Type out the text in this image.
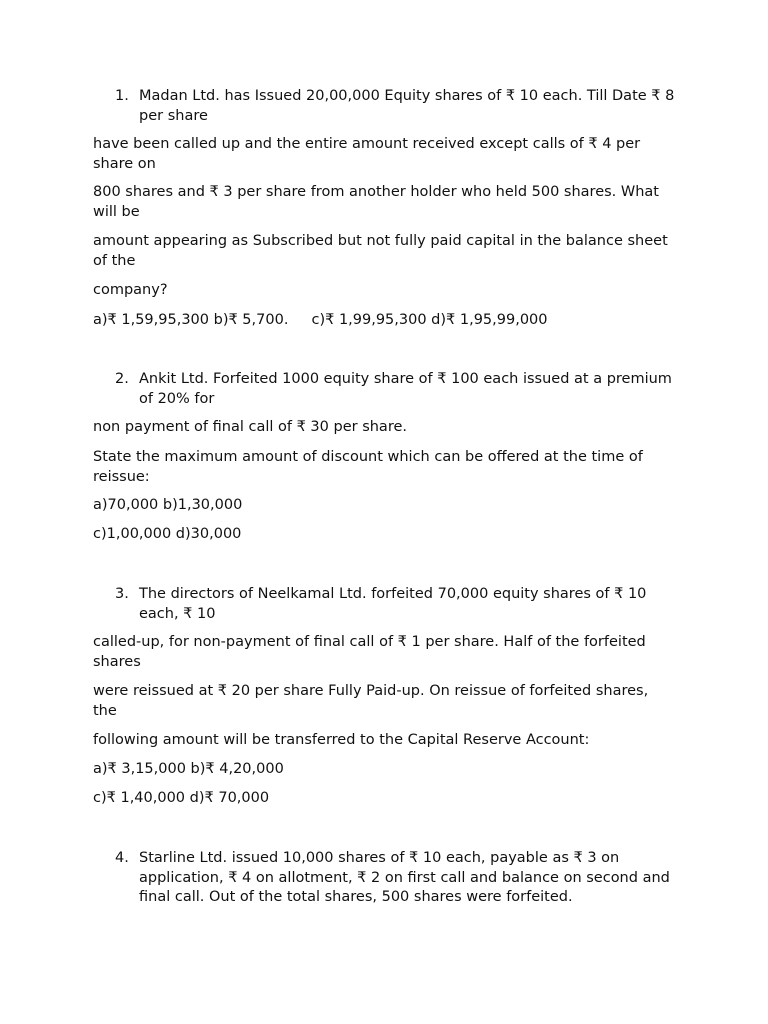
1. Madan Ltd. has Issued 20,00,000 Equity shares of ₹ 10 each. Till Date ₹ 8 per share

have been called up and the entire amount received except calls of ₹ 4 per share on

800 shares and ₹ 3 per share from another holder who held 500 shares. What will be

amount appearing as Subscribed but not fully paid capital in the balance sheet of the

company?

a)₹ 1,59,95,300 b)₹ 5,700.     c)₹ 1,99,95,300 d)₹ 1,95,99,000

2. Ankit Ltd. Forfeited 1000 equity share of ₹ 100 each issued at a premium of 20% for

non payment of final call of ₹ 30 per share.

State the maximum amount of discount which can be offered at the time of reissue:

a)70,000 b)1,30,000

c)1,00,000 d)30,000

3. The directors of Neelkamal Ltd. forfeited 70,000 equity shares of ₹ 10 each, ₹ 10

called-up, for non-payment of final call of ₹ 1 per share. Half of the forfeited shares

were reissued at ₹ 20 per share Fully Paid-up. On reissue of forfeited shares, the

following amount will be transferred to the Capital Reserve Account:

a)₹ 3,15,000 b)₹ 4,20,000

c)₹ 1,40,000 d)₹ 70,000

4. Starline Ltd. issued 10,000 shares of ₹ 10 each, payable as ₹ 3 on application, ₹ 4 on allotment, ₹ 2 on first call and balance on second and final call. Out of the total shares, 500 shares were forfeited.
